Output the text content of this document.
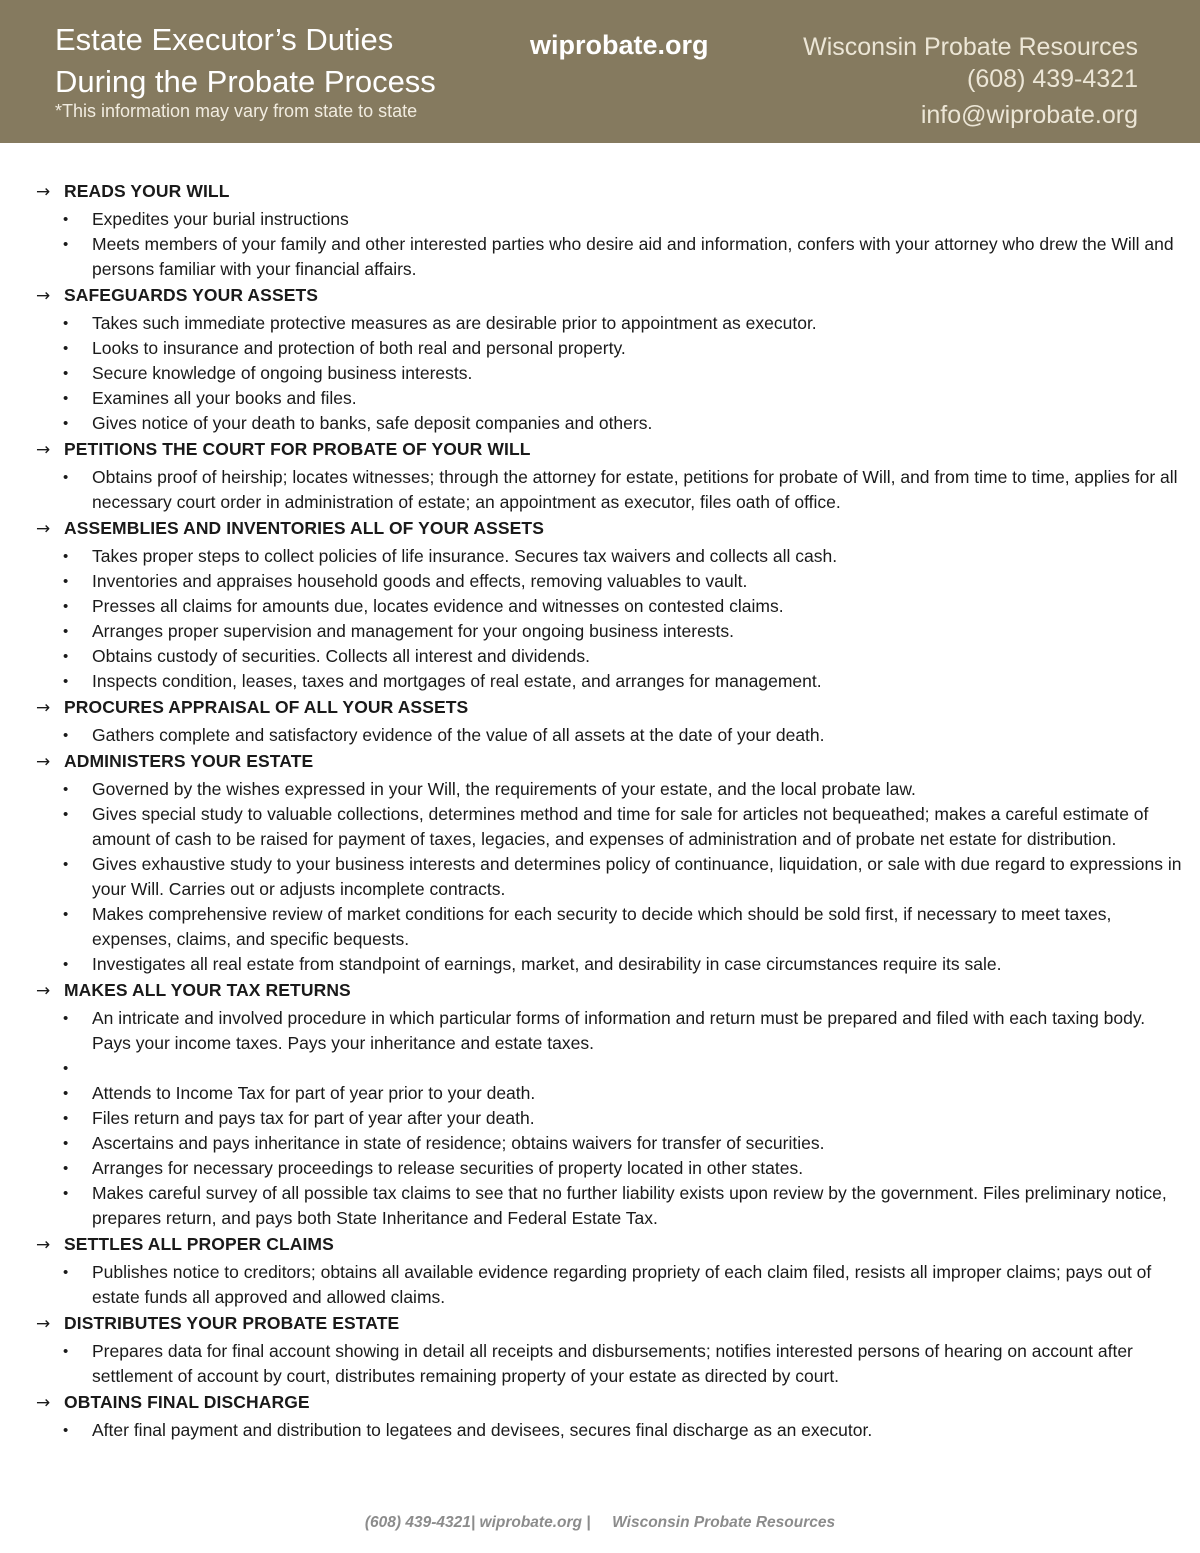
Estate Executor’s Duties
During the Probate Process
*This information may vary from state to state
wiprobate.org	Wisconsin Probate Resources
(608) 439-4321
info@wiprobate.org
→ READS YOUR WILL
• Expedites your burial instructions
• Meets members of your family and other interested parties who desire aid and information, confers with your attorney who drew the Will and persons familiar with your financial affairs.
→ SAFEGUARDS YOUR ASSETS
• Takes such immediate protective measures as are desirable prior to appointment as executor.
• Looks to insurance and protection of both real and personal property.
• Secure knowledge of ongoing business interests.
• Examines all your books and files.
• Gives notice of your death to banks, safe deposit companies and others.
→ PETITIONS THE COURT FOR PROBATE OF YOUR WILL
• Obtains proof of heirship; locates witnesses; through the attorney for estate, petitions for probate of Will, and from time to time, applies for all necessary court order in administration of estate; an appointment as executor, files oath of office.
→ ASSEMBLIES AND INVENTORIES ALL OF YOUR ASSETS
• Takes proper steps to collect policies of life insurance. Secures tax waivers and collects all cash.
• Inventories and appraises household goods and effects, removing valuables to vault.
• Presses all claims for amounts due, locates evidence and witnesses on contested claims.
• Arranges proper supervision and management for your ongoing business interests.
• Obtains custody of securities. Collects all interest and dividends.
• Inspects condition, leases, taxes and mortgages of real estate, and arranges for management.
→ PROCURES APPRAISAL OF ALL YOUR ASSETS
• Gathers complete and satisfactory evidence of the value of all assets at the date of your death.
→ ADMINISTERS YOUR ESTATE
• Governed by the wishes expressed in your Will, the requirements of your estate, and the local probate law.
• Gives special study to valuable collections, determines method and time for sale for articles not bequeathed; makes a careful estimate of amount of cash to be raised for payment of taxes, legacies, and expenses of administration and of probate net estate for distribution.
• Gives exhaustive study to your business interests and determines policy of continuance, liquidation, or sale with due regard to expressions in your Will. Carries out or adjusts incomplete contracts.
• Makes comprehensive review of market conditions for each security to decide which should be sold first, if necessary to meet taxes, expenses, claims, and specific bequests.
• Investigates all real estate from standpoint of earnings, market, and desirability in case circumstances require its sale.
→ MAKES ALL YOUR TAX RETURNS
• An intricate and involved procedure in which particular forms of information and return must be prepared and filed with each taxing body. Pays your income taxes. Pays your inheritance and estate taxes.
•
• Attends to Income Tax for part of year prior to your death.
• Files return and pays tax for part of year after your death.
• Ascertains and pays inheritance in state of residence; obtains waivers for transfer of securities.
• Arranges for necessary proceedings to release securities of property located in other states.
• Makes careful survey of all possible tax claims to see that no further liability exists upon review by the government. Files preliminary notice, prepares return, and pays both State Inheritance and Federal Estate Tax.
→ SETTLES ALL PROPER CLAIMS
• Publishes notice to creditors; obtains all available evidence regarding propriety of each claim filed, resists all improper claims; pays out of estate funds all approved and allowed claims.
→ DISTRIBUTES YOUR PROBATE ESTATE
• Prepares data for final account showing in detail all receipts and disbursements; notifies interested persons of hearing on account after settlement of account by court, distributes remaining property of your estate as directed by court.
→ OBTAINS FINAL DISCHARGE
• After final payment and distribution to legatees and devisees, secures final discharge as an executor.
(608) 439-4321| wiprobate.org |     Wisconsin Probate Resources
